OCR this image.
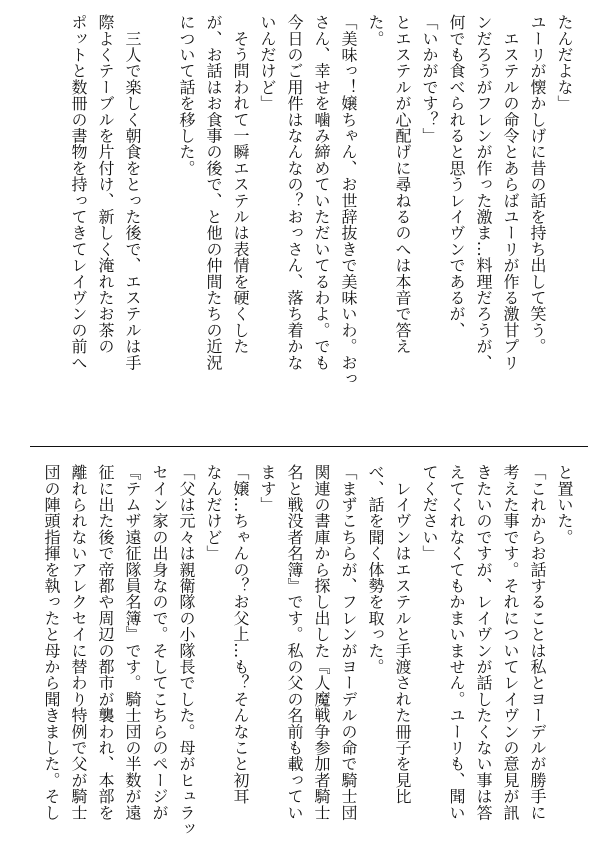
たんだよな」
ユーリが懐かしげに昔の話を持ち出して笑う。
　エステルの命令とあらばユーリが作る激甘プリ
ンだろうがフレンが作った激ま…料理だろうが、
何でも食べられると思うレイヴンであるが、
「いかがです？」
とエステルが心配げに尋ねるのへは本音で答え
た。
「美味っ！嬢ちゃん、お世辞抜きで美味いわ。おっ
さん、幸せを噛み締めていただいてるわよ。でも
今日のご用件はなんなの？おっさん、落ち着かな
いんだけど」
　そう問われて一瞬エステルは表情を硬くした
が、お話はお食事の後で、と他の仲間たちの近況
について話を移した。
　三人で楽しく朝食をとった後で、エステルは手
際よくテーブルを片付け、新しく淹れたお茶の
ポットと数冊の書物を持ってきてレイヴンの前へ
と置いた。
「これからお話することは私とヨーデルが勝手に
考えた事です。それについてレイヴンの意見が訊
きたいのですが、レイヴンが話したくない事は答
えてくれなくてもかまいません。ユーリも、聞い
てください」
　レイヴンはエステルと手渡された冊子を見比
べ、話を聞く体勢を取った。
「まずこちらが、フレンがヨーデルの命で騎士団
関連の書庫から探し出した『人魔戦争参加者騎士
名と戦没者名簿』です。私の父の名前も載ってい
ます」
「嬢…ちゃんの？お父上…も？そんなこと初耳
なんだけど」
「父は元々は親衛隊の小隊長でした。母がヒュラッ
セイン家の出身なので。そしてこちらのページが
『テムザ遠征隊員名簿』です。騎士団の半数が遠
征に出た後で帝都や周辺の都市が襲われ、本部を
離れられないアレクセイに替わり特例で父が騎士
団の陣頭指揮を執ったと母から聞きました。そし
